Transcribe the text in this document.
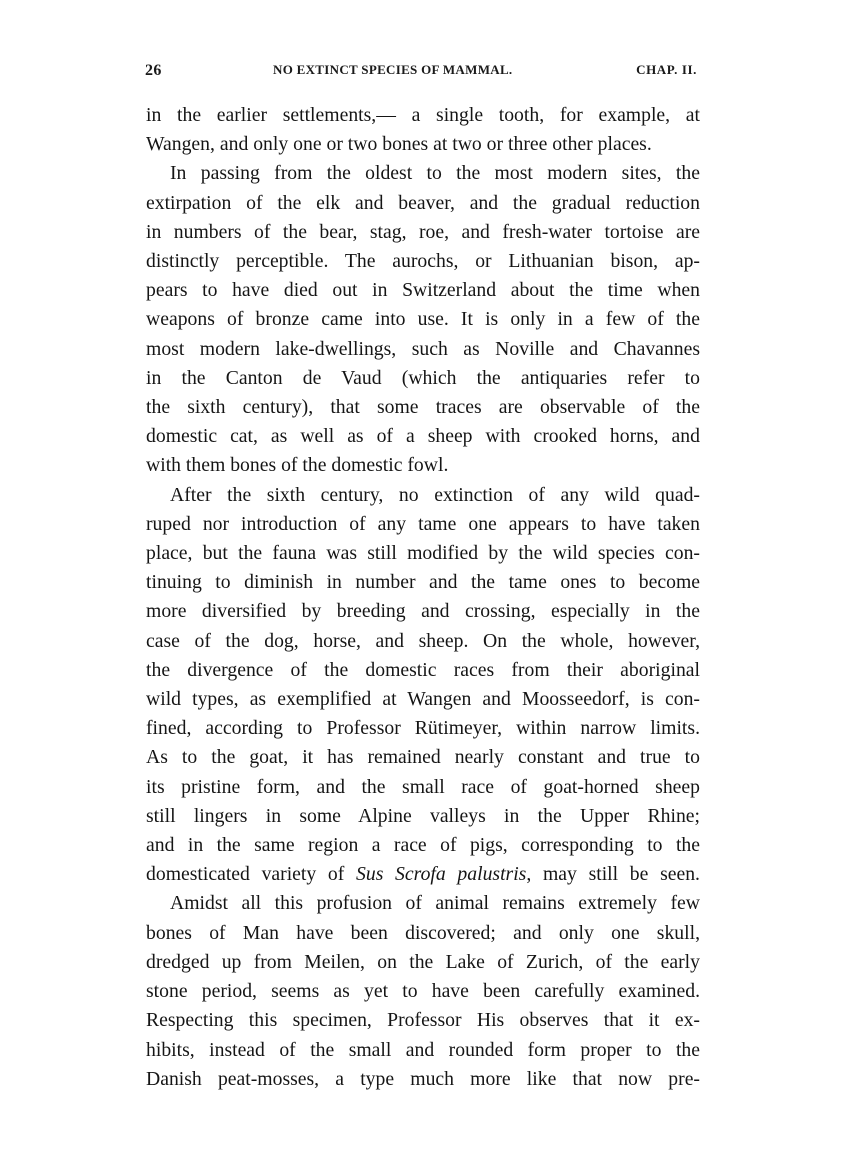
26	NO EXTINCT SPECIES OF MAMMAL.	CHAP. II.

in the earlier settlements,— a single tooth, for example, at
Wangen, and only one or two bones at two or three other places.

In passing from the oldest to the most modern sites, the
extirpation of the elk and beaver, and the gradual reduction
in numbers of the bear, stag, roe, and fresh-water tortoise are
distinctly perceptible. The aurochs, or Lithuanian bison, ap-
pears to have died out in Switzerland about the time when
weapons of bronze came into use. It is only in a few of the
most modern lake-dwellings, such as Noville and Chavannes
in the Canton de Vaud (which the antiquaries refer to
the sixth century), that some traces are observable of the
domestic cat, as well as of a sheep with crooked horns, and
with them bones of the domestic fowl.

After the sixth century, no extinction of any wild quad-
ruped nor introduction of any tame one appears to have taken
place, but the fauna was still modified by the wild species con-
tinuing to diminish in number and the tame ones to become
more diversified by breeding and crossing, especially in the
case of the dog, horse, and sheep. On the whole, however,
the divergence of the domestic races from their aboriginal
wild types, as exemplified at Wangen and Moosseedorf, is con-
fined, according to Professor Rütimeyer, within narrow limits.
As to the goat, it has remained nearly constant and true to
its pristine form, and the small race of goat-horned sheep
still lingers in some Alpine valleys in the Upper Rhine;
and in the same region a race of pigs, corresponding to the
domesticated variety of Sus Scrofa palustris, may still be seen.

Amidst all this profusion of animal remains extremely few
bones of Man have been discovered; and only one skull,
dredged up from Meilen, on the Lake of Zurich, of the early
stone period, seems as yet to have been carefully examined.
Respecting this specimen, Professor His observes that it ex-
hibits, instead of the small and rounded form proper to the
Danish peat-mosses, a type much more like that now pre-
